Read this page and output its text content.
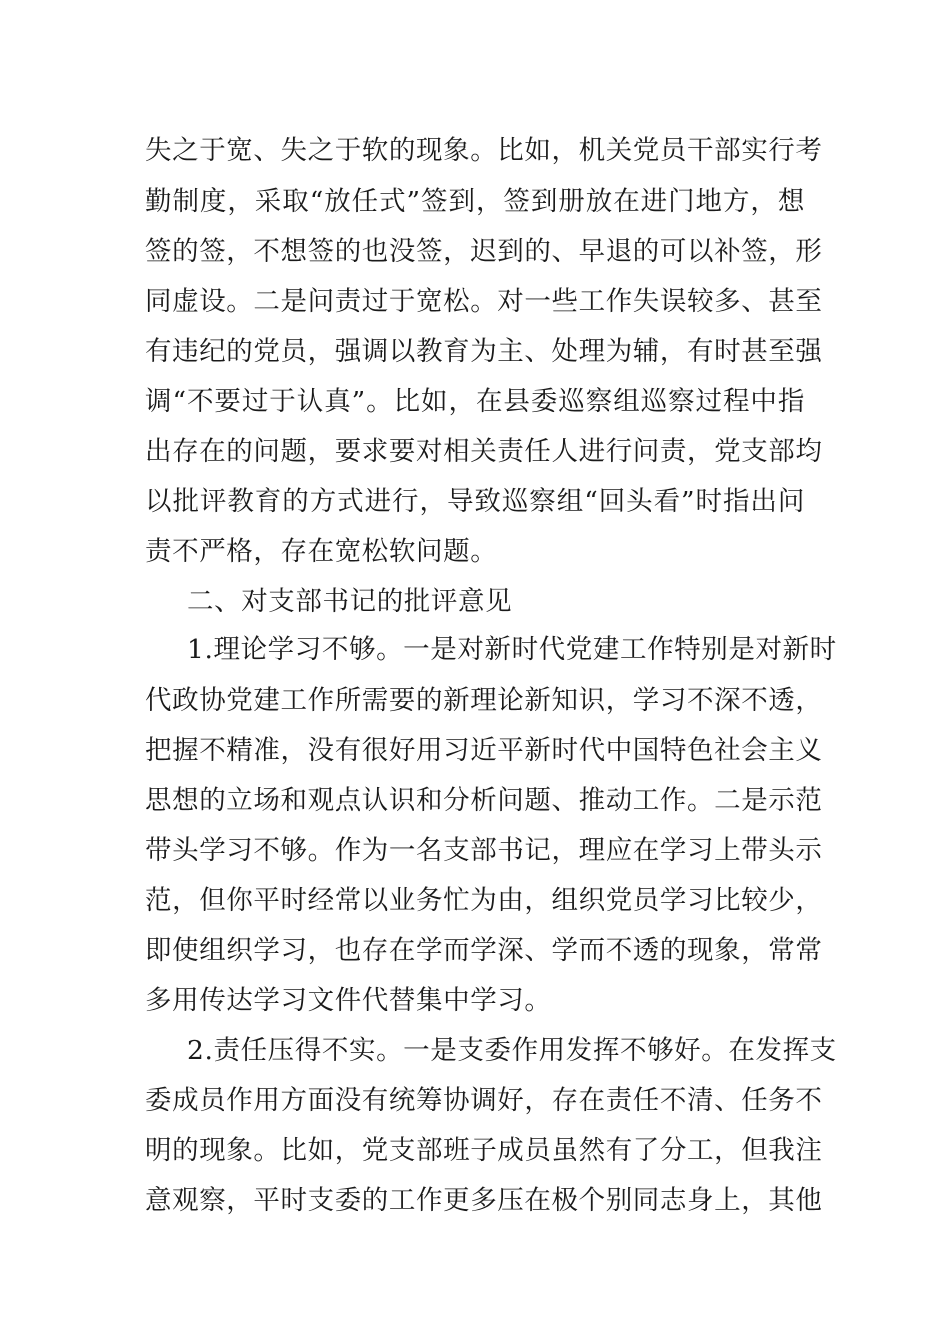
失之于宽、失之于软的现象。比如，机关党员干部实行考
勤制度，采取“放任式”签到，签到册放在进门地方，想
签的签，不想签的也没签，迟到的、早退的可以补签，形
同虚设。二是问责过于宽松。对一些工作失误较多、甚至
有违纪的党员，强调以教育为主、处理为辅，有时甚至强
调“不要过于认真”。比如，在县委巡察组巡察过程中指
出存在的问题，要求要对相关责任人进行问责，党支部均
以批评教育的方式进行，导致巡察组“回头看”时指出问
责不严格，存在宽松软问题。
二、对支部书记的批评意见
1.理论学习不够。一是对新时代党建工作特别是对新时
代政协党建工作所需要的新理论新知识，学习不深不透，
把握不精准，没有很好用习近平新时代中国特色社会主义
思想的立场和观点认识和分析问题、推动工作。二是示范
带头学习不够。作为一名支部书记，理应在学习上带头示
范，但你平时经常以业务忙为由，组织党员学习比较少，
即使组织学习，也存在学而学深、学而不透的现象，常常
多用传达学习文件代替集中学习。
2.责任压得不实。一是支委作用发挥不够好。在发挥支
委成员作用方面没有统筹协调好，存在责任不清、任务不
明的现象。比如，党支部班子成员虽然有了分工，但我注
意观察，平时支委的工作更多压在极个别同志身上，其他
